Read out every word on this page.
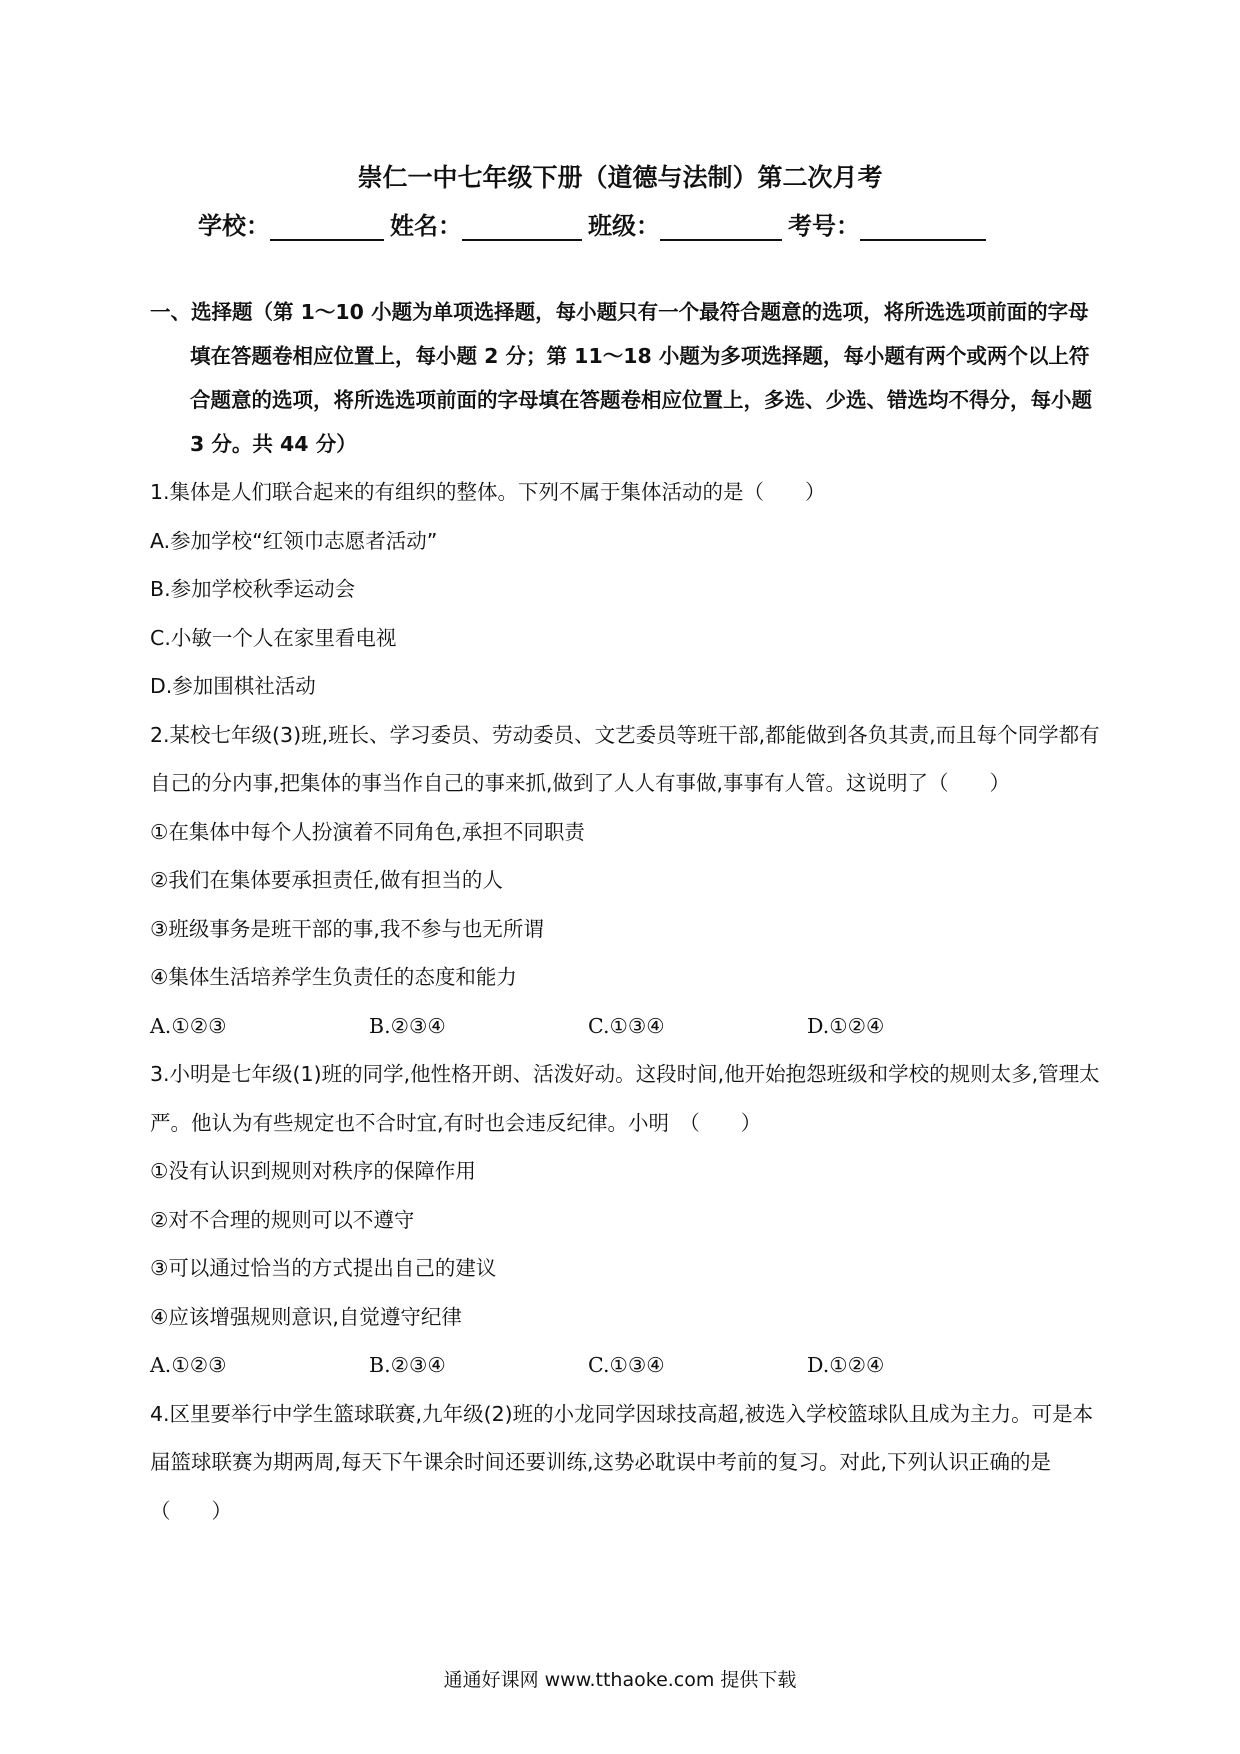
崇仁一中七年级下册（道德与法制）第二次月考
学校：	姓名：	班级：	考号：
一、选择题（第 1～10 小题为单项选择题，每小题只有一个最符合题意的选项，将所选选项前面的字母填在答题卷相应位置上，每小题 2 分；第 11～18 小题为多项选择题，每小题有两个或两个以上符合题意的选项，将所选选项前面的字母填在答题卷相应位置上，多选、少选、错选均不得分，每小题 3 分。共 44 分）
1.集体是人们联合起来的有组织的整体。下列不属于集体活动的是（　　）
A.参加学校“红领巾志愿者活动”
B.参加学校秋季运动会
C.小敏一个人在家里看电视
D.参加围棋社活动
2.某校七年级(3)班,班长、学习委员、劳动委员、文艺委员等班干部,都能做到各负其责,而且每个同学都有自己的分内事,把集体的事当作自己的事来抓,做到了人人有事做,事事有人管。这说明了（　　）
①在集体中每个人扮演着不同角色,承担不同职责
②我们在集体要承担责任,做有担当的人
③班级事务是班干部的事,我不参与也无所谓
④集体生活培养学生负责任的态度和能力
A.①②③	B.②③④	C.①③④	D.①②④
3.小明是七年级(1)班的同学,他性格开朗、活泼好动。这段时间,他开始抱怨班级和学校的规则太多,管理太严。他认为有些规定也不合时宜,有时也会违反纪律。小明　（　　）
①没有认识到规则对秩序的保障作用
②对不合理的规则可以不遵守
③可以通过恰当的方式提出自己的建议
④应该增强规则意识,自觉遵守纪律
A.①②③	B.②③④	C.①③④	D.①②④
4.区里要举行中学生篮球联赛,九年级(2)班的小龙同学因球技高超,被选入学校篮球队且成为主力。可是本届篮球联赛为期两周,每天下午课余时间还要训练,这势必耽误中考前的复习。对此,下列认识正确的是　（　　）
通通好课网 www.tthaoke.com 提供下载
